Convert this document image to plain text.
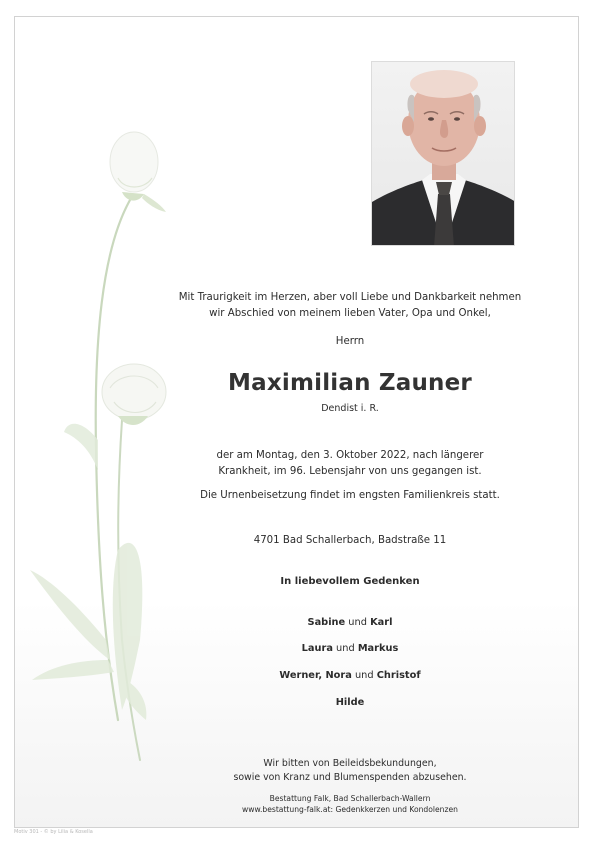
Mit Traurigkeit im Herzen, aber voll Liebe und Dankbarkeit nehmen

wir Abschied von meinem lieben Vater, Opa und Onkel,

Herrn
Maximilian Zauner
Dendist i. R.

der am Montag, den 3. Oktober 2022, nach längerer

Krankheit, im 96. Lebensjahr von uns gegangen ist.

Die Urnenbeisetzung findet im engsten Familienkreis statt.
4701 Bad Schallerbach, Badstraße 11
In liebevollem Gedenken
Sabine und Karl
Laura und Markus
Werner, Nora und Christof
Hilde
Wir bitten von Beileidsbekundungen,
sowie von Kranz und Blumenspenden abzusehen.
Bestattung Falk, Bad Schallerbach-Wallern
www.bestattung-falk.at: Gedenkkerzen und Kondolenzen
Motiv 301 - © by Lilia & Kosella
